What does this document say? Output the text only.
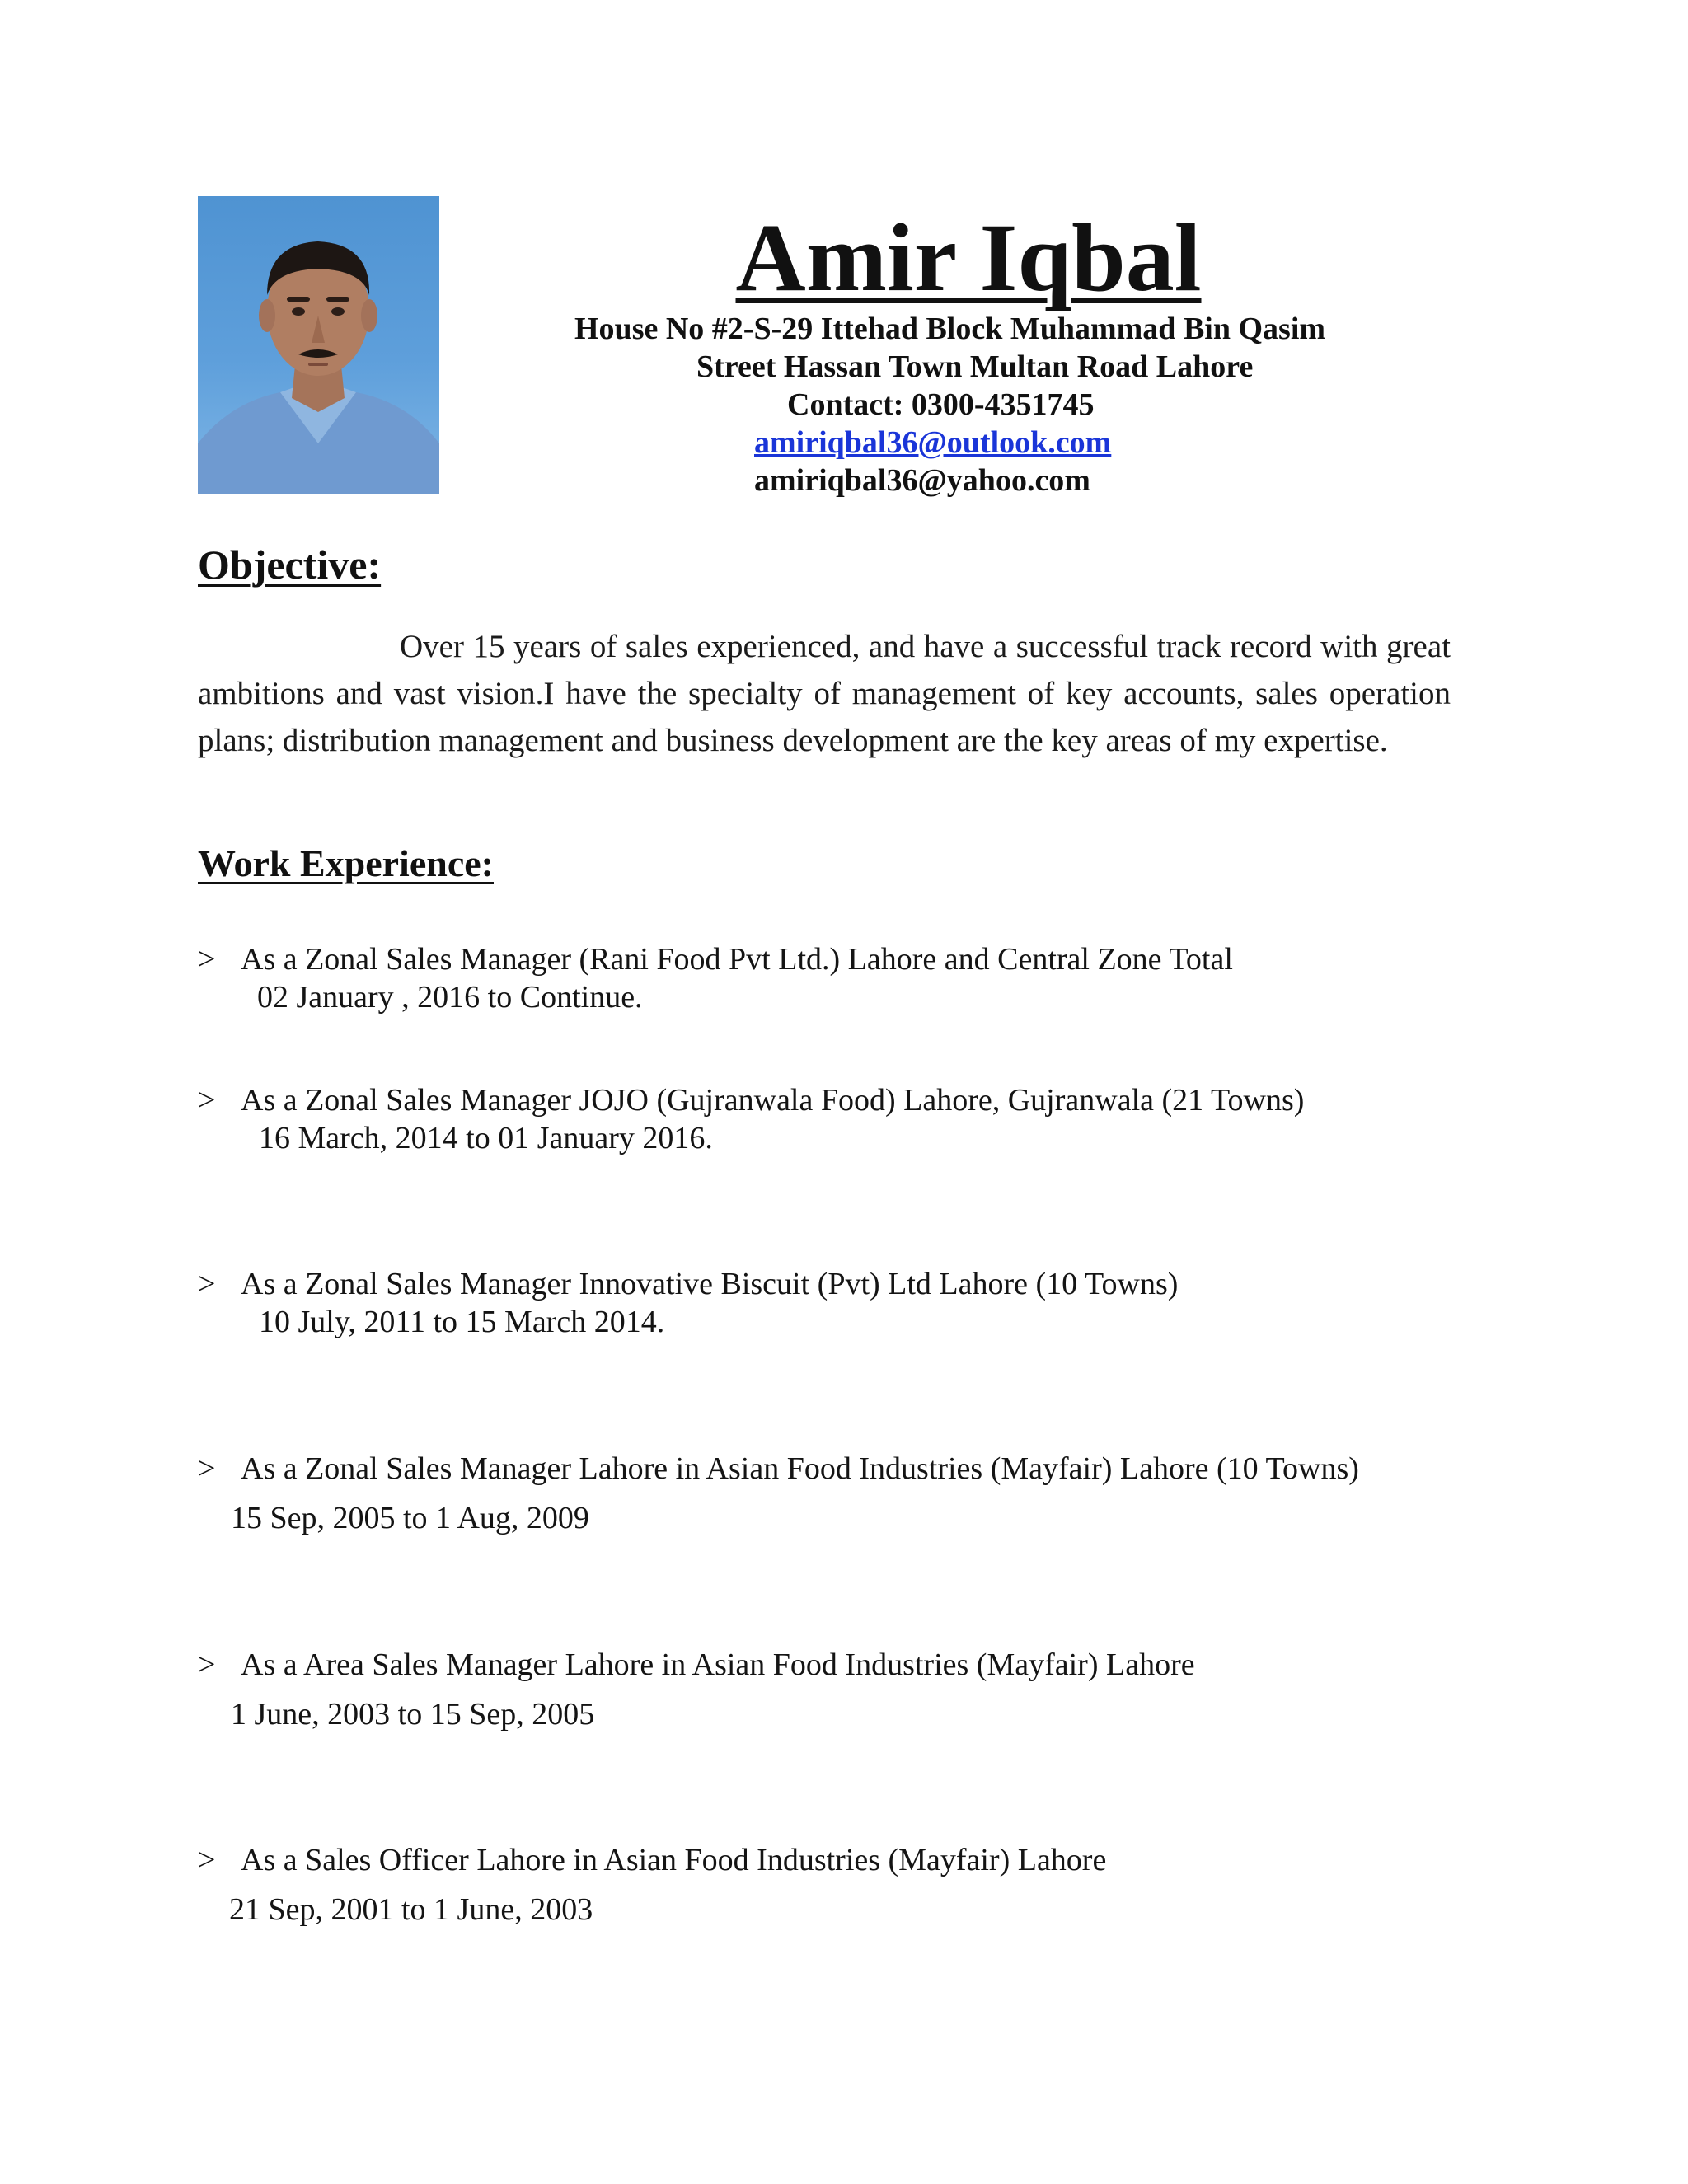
Amir Iqbal
House No #2-S-29 Ittehad Block Muhammad Bin Qasim
Street Hassan Town Multan Road Lahore
Contact: 0300-4351745
amiriqbal36@outlook.com
amiriqbal36@yahoo.com
Objective:
Over 15 years of sales experienced, and have a successful track record with great ambitions and vast vision.I have the specialty of management of key accounts, sales operation plans; distribution management and business development are the key areas of my expertise.
Work Experience:
> As a Zonal Sales Manager (Rani Food Pvt Ltd.) Lahore and Central Zone Total
02 January , 2016 to Continue.
> As a Zonal Sales Manager JOJO (Gujranwala Food) Lahore, Gujranwala (21 Towns)
16 March, 2014 to 01 January 2016.
> As a Zonal Sales Manager Innovative Biscuit (Pvt) Ltd Lahore (10 Towns)
10 July, 2011 to 15 March 2014.
> As a Zonal Sales Manager Lahore in Asian Food Industries (Mayfair) Lahore (10 Towns)
15 Sep, 2005 to 1 Aug, 2009
> As a Area Sales Manager Lahore in Asian Food Industries (Mayfair) Lahore
1 June, 2003 to 15 Sep, 2005
> As a Sales Officer Lahore in Asian Food Industries (Mayfair) Lahore
21 Sep, 2001 to 1 June, 2003
